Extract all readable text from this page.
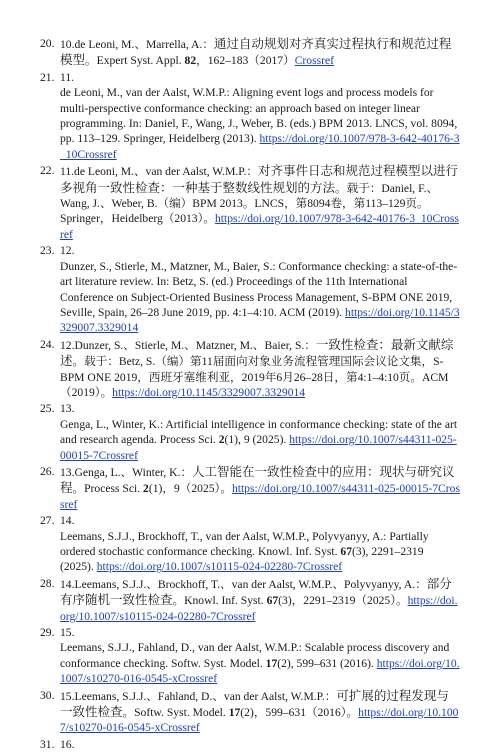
20 . 10.de Leoni, M.、Marrella, A.：通过自动规划对齐真实过程执行和规范过程模型。Expert Syst. Appl. 82，162–183（2017）Crossref
21 . 11.
de Leoni, M., van der Aalst, W.M.P.: Aligning event logs and process models for multi-perspective conformance checking: an approach based on integer linear programming. In: Daniel, F., Wang, J., Weber, B. (eds.) BPM 2013. LNCS, vol. 8094, pp. 113–129. Springer, Heidelberg (2013). https://doi.org/10.1007/978-3-642-40176-3_10Crossref
22 . 11.de Leoni, M.、van der Aalst, W.M.P.：对齐事件日志和规范过程模型以进行多视角一致性检查：一种基于整数线性规划的方法。载于：Daniel, F.、Wang, J.、Weber, B.（编）BPM 2013。LNCS，第8094卷，第113–129页。Springer，Heidelberg（2013）。https://doi.org/10.1007/978-3-642-40176-3_10Crossref
23 . 12.
Dunzer, S., Stierle, M., Matzner, M., Baier, S.: Conformance checking: a state-of-the-art literature review. In: Betz, S. (ed.) Proceedings of the 11th International Conference on Subject-Oriented Business Process Management, S-BPM ONE 2019, Seville, Spain, 26–28 June 2019, pp. 4:1–4:10. ACM (2019). https://doi.org/10.1145/3329007.3329014
24 . 12.Dunzer, S.、Stierle, M.、Matzner, M.、Baier, S.：一致性检查：最新文献综述。载于：Betz, S.（编）第11届面向对象业务流程管理国际会议论文集，S-BPM ONE 2019，西班牙塞维利亚，2019年6月26–28日，第4:1–4:10页。ACM（2019）。https://doi.org/10.1145/3329007.3329014
25 . 13.
Genga, L., Winter, K.: Artificial intelligence in conformance checking: state of the art and research agenda. Process Sci. 2(1), 9 (2025). https://doi.org/10.1007/s44311-025-00015-7Crossref
26 . 13.Genga, L.、Winter, K.：人工智能在一致性检查中的应用：现状与研究议程。Process Sci. 2(1)，9（2025）。https://doi.org/10.1007/s44311-025-00015-7Crossref
27 . 14.
Leemans, S.J.J., Brockhoff, T., van der Aalst, W.M.P., Polyvyanyy, A.: Partially ordered stochastic conformance checking. Knowl. Inf. Syst. 67(3), 2291–2319 (2025). https://doi.org/10.1007/s10115-024-02280-7Crossref
28 . 14.Leemans, S.J.J.、Brockhoff, T.、van der Aalst, W.M.P.、Polyvyanyy, A.：部分有序随机一致性检查。Knowl. Inf. Syst. 67(3)，2291–2319（2025）。https://doi.org/10.1007/s10115-024-02280-7Crossref
29 . 15.
Leemans, S.J.J., Fahland, D., van der Aalst, W.M.P.: Scalable process discovery and conformance checking. Softw. Syst. Model. 17(2), 599–631 (2016). https://doi.org/10.1007/s10270-016-0545-xCrossref
30 . 15.Leemans, S.J.J.、Fahland, D.、van der Aalst, W.M.P.：可扩展的过程发现与一致性检查。Softw. Syst. Model. 17(2)，599–631（2016）。https://doi.org/10.1007/s10270-016-0545-xCrossref
31 . 16.
